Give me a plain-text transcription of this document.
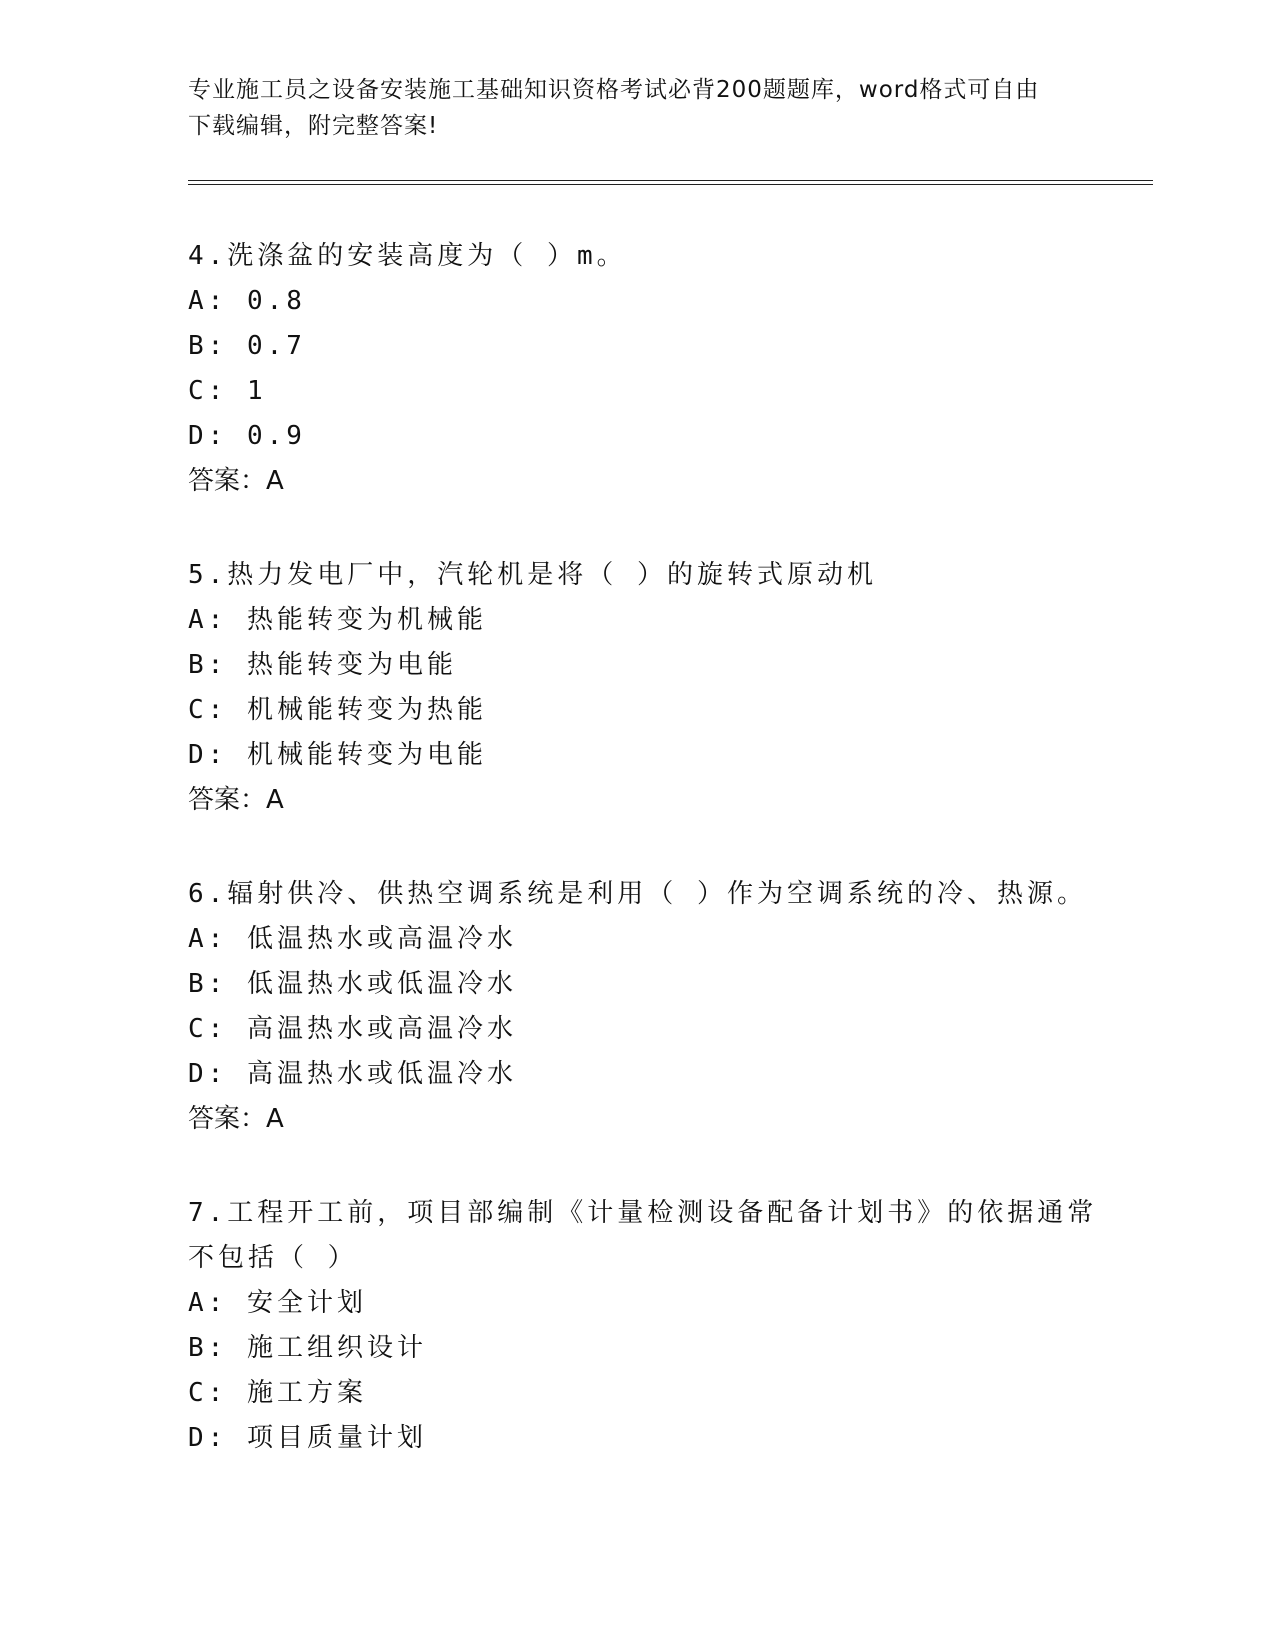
专业施工员之设备安装施工基础知识资格考试必背200题题库，word格式可自由
下载编辑，附完整答案!
4.洗涤盆的安装高度为（ ）m。
A: 0.8
B: 0.7
C: 1
D: 0.9
答案：A
5.热力发电厂中，汽轮机是将（ ）的旋转式原动机
A: 热能转变为机械能
B: 热能转变为电能
C: 机械能转变为热能
D: 机械能转变为电能
答案：A
6.辐射供冷、供热空调系统是利用（ ）作为空调系统的冷、热源。
A: 低温热水或高温冷水
B: 低温热水或低温冷水
C: 高温热水或高温冷水
D: 高温热水或低温冷水
答案：A
7.工程开工前，项目部编制《计量检测设备配备计划书》的依据通常
不包括（ ）
A: 安全计划
B: 施工组织设计
C: 施工方案
D: 项目质量计划
